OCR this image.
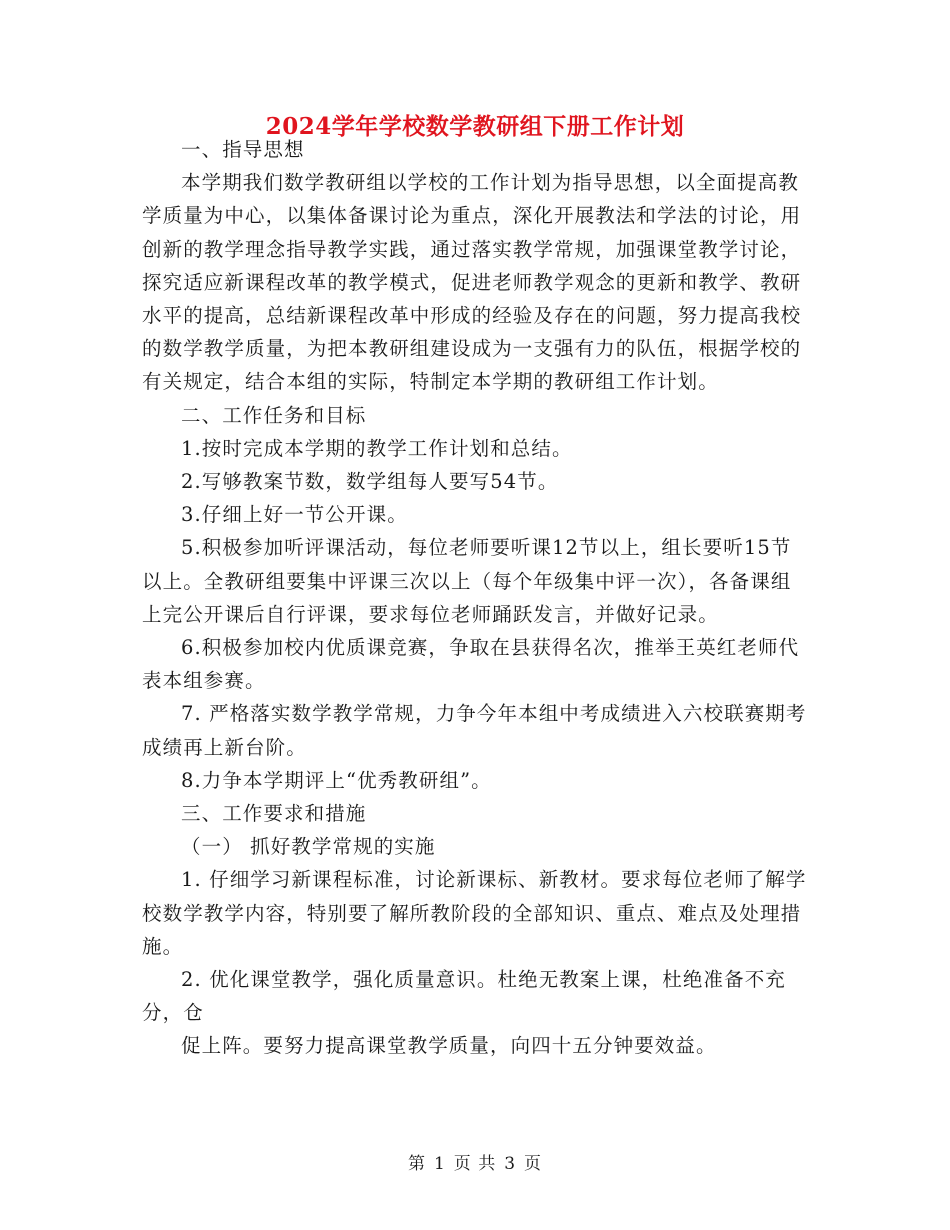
2024学年学校数学教研组下册工作计划

一、指导思想

本学期我们数学教研组以学校的工作计划为指导思想，以全面提高教学质量为中心，以集体备课讨论为重点，深化开展教法和学法的讨论，用创新的教学理念指导教学实践，通过落实教学常规，加强课堂教学讨论，探究适应新课程改革的教学模式，促进老师教学观念的更新和教学、教研水平的提高，总结新课程改革中形成的经验及存在的问题，努力提高我校的数学教学质量，为把本教研组建设成为一支强有力的队伍，根据学校的有关规定，结合本组的实际，特制定本学期的教研组工作计划。

二、工作任务和目标

1.按时完成本学期的教学工作计划和总结。

2.写够教案节数，数学组每人要写54节。

3.仔细上好一节公开课。

5.积极参加听评课活动，每位老师要听课12节以上，组长要听15节以上。全教研组要集中评课三次以上（每个年级集中评一次），各备课组上完公开课后自行评课，要求每位老师踊跃发言，并做好记录。

6.积极参加校内优质课竞赛，争取在县获得名次，推举王英红老师代表本组参赛。

7. 严格落实数学教学常规，力争今年本组中考成绩进入六校联赛期考成绩再上新台阶。

8.力争本学期评上“优秀教研组”。

三、工作要求和措施

（一） 抓好教学常规的实施

1. 仔细学习新课程标准，讨论新课标、新教材。要求每位老师了解学校数学教学内容，特别要了解所教阶段的全部知识、重点、难点及处理措施。

2. 优化课堂教学，强化质量意识。杜绝无教案上课，杜绝准备不充分，仓

促上阵。要努力提高课堂教学质量，向四十五分钟要效益。

第 1 页 共 3 页
